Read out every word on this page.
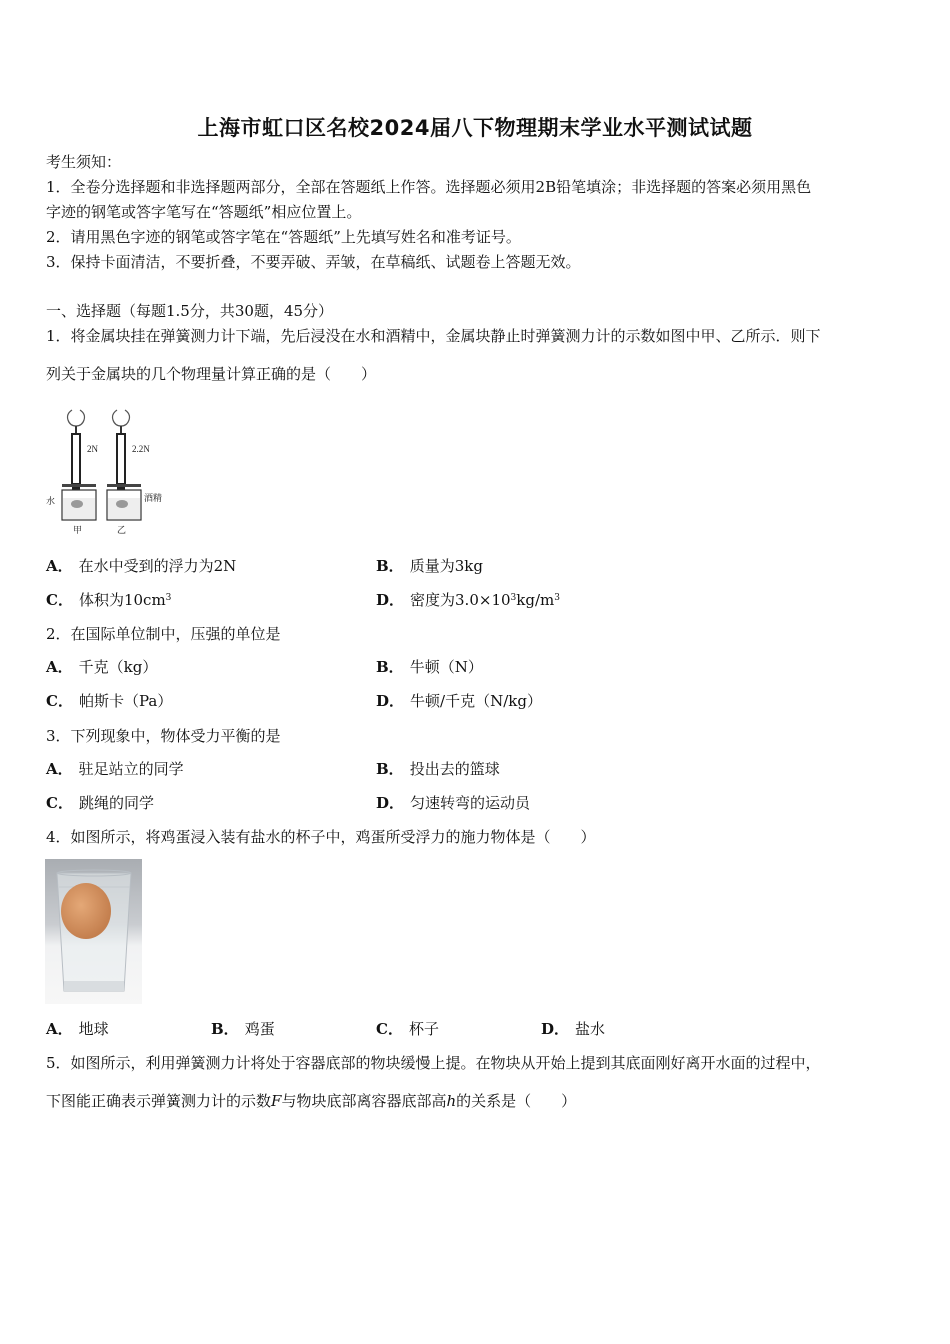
上海市虹口区名校2024届八下物理期末学业水平测试试题
考生须知：
1．全卷分选择题和非选择题两部分，全部在答题纸上作答。选择题必须用2B铅笔填涂；非选择题的答案必须用黑色
字迹的钢笔或答字笔写在“答题纸”相应位置上。
2．请用黑色字迹的钢笔或答字笔在“答题纸”上先填写姓名和准考证号。
3．保持卡面清洁，不要折叠，不要弄破、弄皱，在草稿纸、试题卷上答题无效。
一、选择题（每题1.5分，共30题，45分）
1．将金属块挂在弹簧测力计下端，先后浸没在水和酒精中，金属块静止时弹簧测力计的示数如图中甲、乙所示．则下
列关于金属块的几个物理量计算正确的是（　　）
2N
水
甲
2.2N
酒精
乙
A． 在水中受到的浮力为2N	B． 质量为3kg
C． 体积为$10cm^3$	D． 密度为$3.0\times 10^3kg/m^3$
2．在国际单位制中，压强的单位是
A． 千克（kg）	B． 牛顿（N）
C． 帕斯卡（Pa）	D． 牛顿/千克（N/kg）
3．下列现象中，物体受力平衡的是
A． 驻足站立的同学	B． 投出去的篮球
C． 跳绳的同学	D． 匀速转弯的运动员
4．如图所示，将鸡蛋浸入装有盐水的杯子中，鸡蛋所受浮力的施力物体是（　　）
A． 地球	B． 鸡蛋	C． 杯子	D． 盐水
5．如图所示，利用弹簧测力计将处于容器底部的物块缓慢上提。在物块从开始上提到其底面刚好离开水面的过程中，
下图能正确表示弹簧测力计的示数F与物块底部离容器底部高h的关系是（　　）
